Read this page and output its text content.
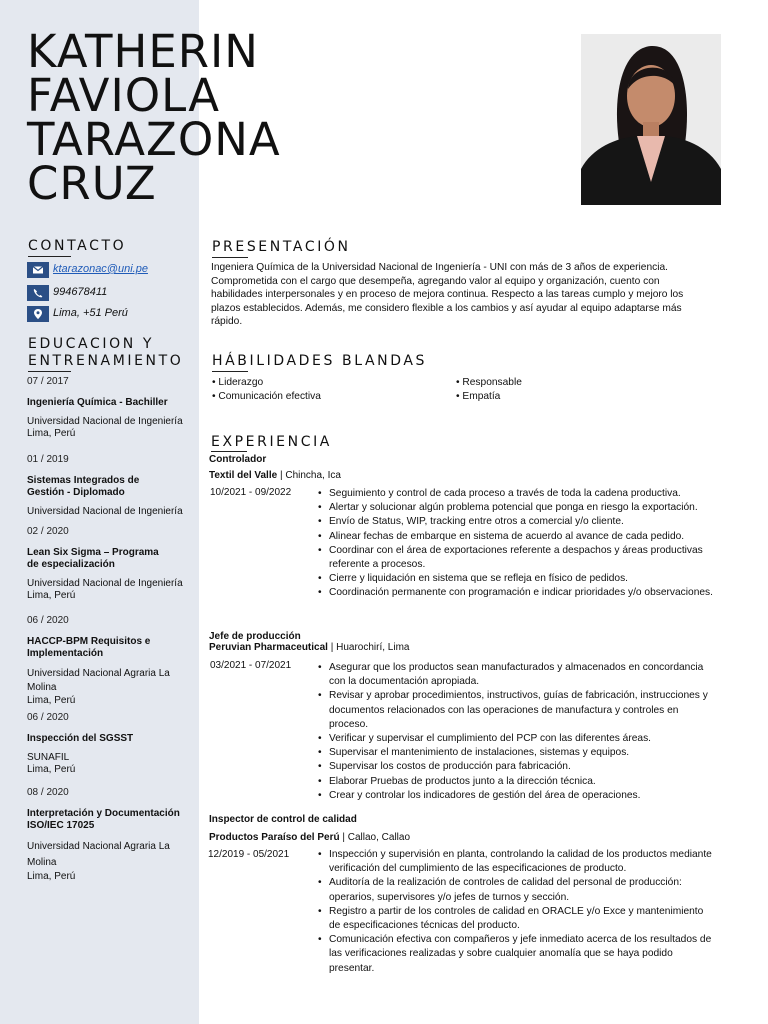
KATHERIN
FAVIOLA
TARAZONA
CRUZ
CONTACTO
ktarazonac@uni.pe
994678411
Lima, +51 Perú
EDUCACION Y
ENTRENAMIENTO
07 / 2017
Ingeniería Química - Bachiller
Universidad Nacional de Ingeniería
Lima, Perú
01 / 2019
Sistemas Integrados de Gestión - Diplomado
Universidad Nacional de Ingeniería
02 / 2020
Lean Six Sigma – Programa de especialización
Universidad Nacional de Ingeniería
Lima, Perú
06 / 2020
HACCP-BPM Requisitos e Implementación
Universidad Nacional Agraria La Molina
Lima, Perú
06 / 2020
Inspección del SGSST
SUNAFIL
Lima, Perú
08 / 2020
Interpretación y Documentación ISO/IEC 17025
Universidad Nacional Agraria La Molina
Lima, Perú
PRESENTACIÓN
Ingeniera Química de la Universidad Nacional de Ingeniería - UNI con más de 3 años de experiencia. Comprometida con el cargo que desempeña, agregando valor al equipo y organización, cuento con habilidades interpersonales y en proceso de mejora continua. Respecto a las tareas cumplo y mejoro los plazos establecidos. Además, me considero flexible a los cambios y así ayudar al equipo adaptarse más rápido.
HÁBILIDADES BLANDAS
• Liderazgo
• Comunicación efectiva
• Responsable
• Empatía
EXPERIENCIA
Controlador
Textil del Valle | Chincha, Ica
10/2021 - 09/2022	• Seguimiento y control de cada proceso a través de toda la cadena productiva.
• Alertar y solucionar algún problema potencial que ponga en riesgo la exportación.
• Envío de Status, WIP, tracking entre otros a comercial y/o cliente.
• Alinear fechas de embarque en sistema de acuerdo al avance de cada pedido.
• Coordinar con el área de exportaciones referente a despachos y áreas productivas referente a procesos.
• Cierre y liquidación en sistema que se refleja en físico de pedidos.
• Coordinación permanente con programación e indicar prioridades y/o observaciones.
Jefe de producción
Peruvian Pharmaceutical | Huarochirí, Lima
03/2021 - 07/2021	• Asegurar que los productos sean manufacturados y almacenados en concordancia con la documentación apropiada.
• Revisar y aprobar procedimientos, instructivos, guías de fabricación, instrucciones y documentos relacionados con las operaciones de manufactura y controles en proceso.
• Verificar y supervisar el cumplimiento del PCP con las diferentes áreas.
• Supervisar el mantenimiento de instalaciones, sistemas y equipos.
• Supervisar los costos de producción para fabricación.
• Elaborar Pruebas de productos junto a la dirección técnica.
• Crear y controlar los indicadores de gestión del área de operaciones.
Inspector de control de calidad
Productos Paraíso del Perú | Callao, Callao
12/2019 - 05/2021	• Inspección y supervisión en planta, controlando la calidad de los productos mediante verificación del cumplimiento de las especificaciones de producto.
• Auditoría de la realización de controles de calidad del personal de producción: operarios, supervisores y/o jefes de turnos y sección.
• Registro a partir de los controles de calidad en ORACLE y/o Exce y mantenimiento de especificaciones técnicas del producto.
• Comunicación efectiva con compañeros y jefe inmediato acerca de los resultados de las verificaciones realizadas y sobre cualquier anomalía que se haya podido presentar.
